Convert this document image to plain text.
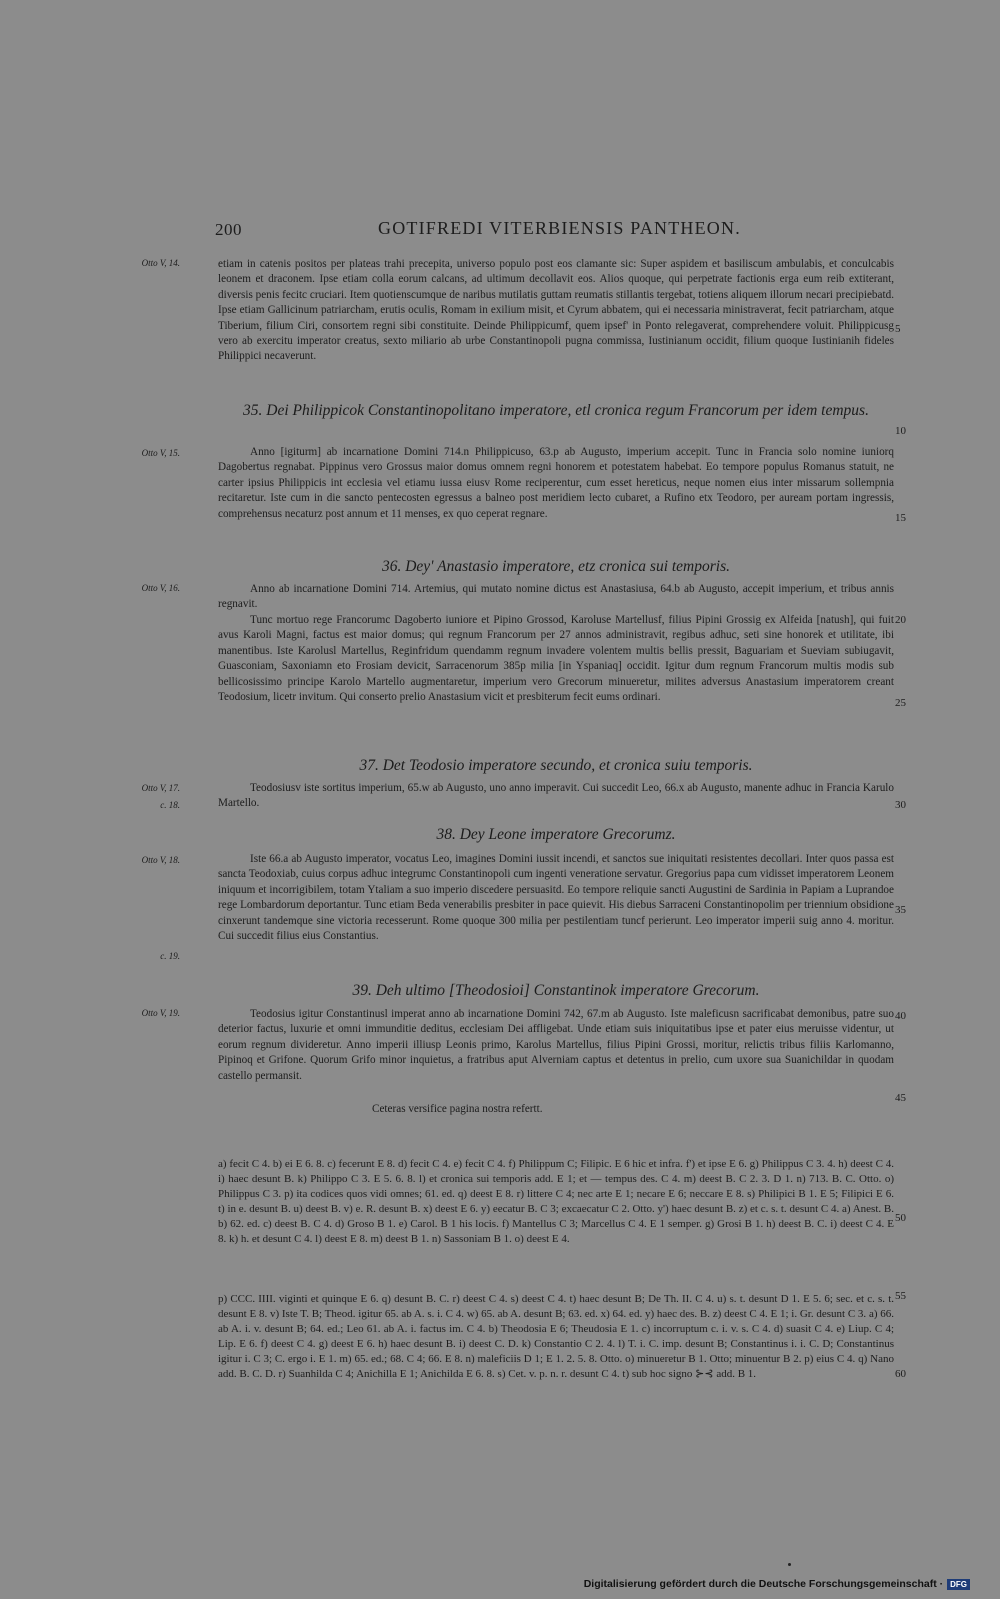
200	GOTIFREDI VITERBIENSIS PANTHEON.
Otto V, 14.
Otto V, 15.
Otto V, 16.
Otto V, 17.
c. 18.
Otto V, 18.
c. 19.
Otto V, 19.
5
10
15
20
25
30
35
40
45
50
55
60
etiam in catenis positos per plateas trahi precepita, universo populo post eos clamante sic: Super aspidem et basiliscum ambulabis, et conculcabis leonem et draconem. Ipse etiam colla eorum calcans, ad ultimum decollavit eos. Alios quoque, qui perpetrate factionis erga eum reib extiterant, diversis penis fecitc cruciari. Item quotienscumque de naribus mutilatis guttam reumatis stillantis tergebat, totiens aliquem illorum necari precipiebatd. Ipse etiam Gallicinum patriarcham, erutis oculis, Romam in exilium misit, et Cyrum abbatem, qui ei necessaria ministraverat, fecit patriarcham, atque Tiberium, filium Ciri, consortem regni sibi constituite. Deinde Philippicumf, quem ipsef' in Ponto relegaverat, comprehendere voluit. Philippicusg vero ab exercitu imperator creatus, sexto miliario ab urbe Constantinopoli pugna commissa, Iustinianum occidit, filium quoque Iustinianih fideles Philippici necaverunt.
35. Dei Philippicok Constantinopolitano imperatore, etl cronica regum Francorum per idem tempus.
Anno [igiturm] ab incarnatione Domini 714.n Philippicuso, 63.p ab Augusto, imperium accepit. Tunc in Francia solo nomine iuniorq Dagobertus regnabat. Pippinus vero Grossus maior domus omnem regni honorem et potestatem habebat. Eo tempore populus Romanus statuit, ne carter ipsius Philippicis int ecclesia vel etiamu iussa eiusv Rome reciperentur, cum esset hereticus, neque nomen eius inter missarum sollempnia recitaretur. Iste cum in die sancto pentecosten egressus a balneo post meridiem lecto cubaret, a Rufino etx Teodoro, per auream portam ingressis, comprehensus necaturz post annum et 11 menses, ex quo ceperat regnare.
36. Dey' Anastasio imperatore, etz cronica sui temporis.
Anno ab incarnatione Domini 714. Artemius, qui mutato nomine dictus est Anastasiusa, 64.b ab Augusto, accepit imperium, et tribus annis regnavit.
Tunc mortuo rege Francorumc Dagoberto iuniore et Pipino Grossod, Karoluse Martellusf, filius Pipini Grossig ex Alfeida [natush], qui fuit avus Karoli Magni, factus est maior domus; qui regnum Francorum per 27 annos administravit, regibus adhuc, seti sine honorek et utilitate, ibi manentibus. Iste Karolusl Martellus, Reginfridum quendamm regnum invadere volentem multis bellis pressit, Baguariam et Sueviam subiugavit, Guasconiam, Saxoniamn eto Frosiam devicit, Sarracenorum 385p milia [in Yspaniaq] occidit. Igitur dum regnum Francorum multis modis sub bellicosissimo principe Karolo Martello augmentaretur, imperium vero Grecorum minueretur, milites adversus Anastasium imperatorem creant Teodosium, licetr invitum. Qui conserto prelio Anastasium vicit et presbiterum fecit eums ordinari.
37. Det Teodosio imperatore secundo, et cronica suiu temporis.
Teodosiusv iste sortitus imperium, 65.w ab Augusto, uno anno imperavit. Cui succedit Leo, 66.x ab Augusto, manente adhuc in Francia Karulo Martello.
38. Dey Leone imperatore Grecorumz.
Iste 66.a ab Augusto imperator, vocatus Leo, imagines Domini iussit incendi, et sanctos sue iniquitati resistentes decollari. Inter quos passa est sancta Teodoxiab, cuius corpus adhuc integrumc Constantinopoli cum ingenti veneratione servatur. Gregorius papa cum vidisset imperatorem Leonem iniquum et incorrigibilem, totam Ytaliam a suo imperio discedere persuasitd. Eo tempore reliquie sancti Augustini de Sardinia in Papiam a Luprandoe rege Lombardorum deportantur. Tunc etiam Beda venerabilis presbiter in pace quievit. His diebus Sarraceni Constantinopolim per triennium obsidione cinxerunt tandemque sine victoria recesserunt. Rome quoque 300 milia per pestilentiam tuncf perierunt. Leo imperator imperii suig anno 4. moritur. Cui succedit filius eius Constantius.
39. Deh ultimo [Theodosioi] Constantinok imperatore Grecorum.
Teodosius igitur Constantinusl imperat anno ab incarnatione Domini 742, 67.m ab Augusto. Iste maleficusn sacrificabat demonibus, patre suo deterior factus, luxurie et omni immunditie deditus, ecclesiam Dei affligebat. Unde etiam suis iniquitatibus ipse et pater eius meruisse videntur, ut eorum regnum divideretur. Anno imperii illiusp Leonis primo, Karolus Martellus, filius Pipini Grossi, moritur, relictis tribus filiis Karlomanno, Pipinoq et Grifone. Quorum Grifo minor inquietus, a fratribus aput Alverniam captus et detentus in prelio, cum uxore sua Suanichildar in quodam castello permansit.
Ceteras versifice pagina nostra refertt.
a) fecit C 4. b) ei E 6. 8. c) fecerunt E 8. d) fecit C 4. e) fecit C 4. f) Philippum C; Filipic. E 6 hic et infra. f') et ipse E 6. g) Philippus C 3. 4. h) deest C 4. i) haec desunt B. k) Philippo C 3. E 5. 6. 8. l) et cronica sui temporis add. E 1; et — tempus des. C 4. m) deest B. C 2. 3. D 1. n) 713. B. C. Otto. o) Philippus C 3. p) ita codices quos vidi omnes; 61. ed. q) deest E 8. r) littere C 4; nec arte E 1; necare E 6; neccare E 8. s) Philipici B 1. E 5; Filipici E 6. t) in e. desunt B. u) deest B. v) e. R. desunt B. x) deest E 6. y) eecatur B. C 3; excaecatur C 2. Otto. y') haec desunt B. z) et c. s. t. desunt C 4. a) Anest. B. b) 62. ed. c) deest B. C 4. d) Groso B 1. e) Carol. B 1 his locis. f) Mantellus C 3; Marcellus C 4. E 1 semper. g) Grosi B 1. h) deest B. C. i) deest C 4. E 8. k) h. et desunt C 4. l) deest E 8. m) deest B 1. n) Sassoniam B 1. o) deest E 4.
p) CCC. IIII. viginti et quinque E 6. q) desunt B. C. r) deest C 4. s) deest C 4. t) haec desunt B; De Th. II. C 4. u) s. t. desunt D 1. E 5. 6; sec. et c. s. t. desunt E 8. v) Iste T. B; Theod. igitur 65. ab A. s. i. C 4. w) 65. ab A. desunt B; 63. ed. x) 64. ed. y) haec des. B. z) deest C 4. E 1; i. Gr. desunt C 3. a) 66. ab A. i. v. desunt B; 64. ed.; Leo 61. ab A. i. factus im. C 4. b) Theodosia E 6; Theudosia E 1. c) incorruptum c. i. v. s. C 4. d) suasit C 4. e) Liup. C 4; Lip. E 6. f) deest C 4. g) deest E 6. h) haec desunt B. i) deest C. D. k) Constantio C 2. 4. l) T. i. C. imp. desunt B; Constantinus i. i. C. D; Constantinus igitur i. C 3; C. ergo i. E 1. m) 65. ed.; 68. C 4; 66. E 8. n) maleficiis D 1; E 1. 2. 5. 8. Otto. o) minueretur B 1. Otto; minuentur B 2. p) eius C 4. q) Nano add. B. C. D. r) Suanhilda C 4; Anichilla E 1; Anichilda E 6. 8. s) Cet. v. p. n. r. desunt C 4. t) sub hoc signo ⊱⊰ add. B 1.
Digitalisierung gefördert durch die Deutsche Forschungsgemeinschaft · DFG
